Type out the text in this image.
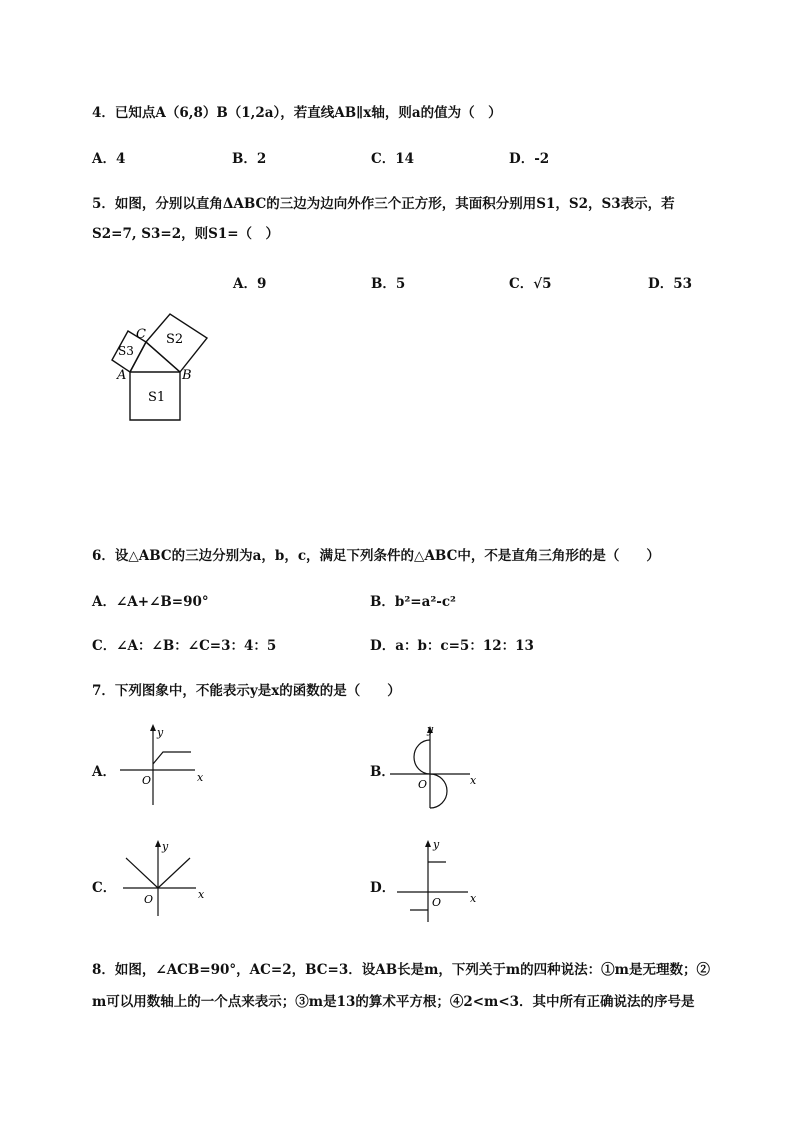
4．已知点A（6,8）B（1,2a），若直线AB∥x轴，则a的值为（　）
A．4	B．2	C．14	D．-2
5．如图，分别以直角ΔABC的三边为边向外作三个正方形，其面积分别用S1，S2，S3表示，若
S2=7, S3=2，则S1=（　）
A．9	B．5	C．√5	D．53
C
A	B
S1
S2
S3
6．设△ABC的三边分别为a，b，c，满足下列条件的△ABC中，不是直角三角形的是（　　）
A．∠A+∠B=90°	B．b²=a²-c²
C．∠A：∠B：∠C=3：4：5	D．a：b：c=5：12：13
7．下列图象中，不能表示y是x的函数的是（　　）
A．
y
x
O
B．
y
x
O
C．
y
x
O
D．
y
x
O
8．如图，∠ACB=90°，AC=2，BC=3．设AB长是m，下列关于m的四种说法：①m是无理数；②
m可以用数轴上的一个点来表示；③m是13的算术平方根；④2<m<3．其中所有正确说法的序号是
